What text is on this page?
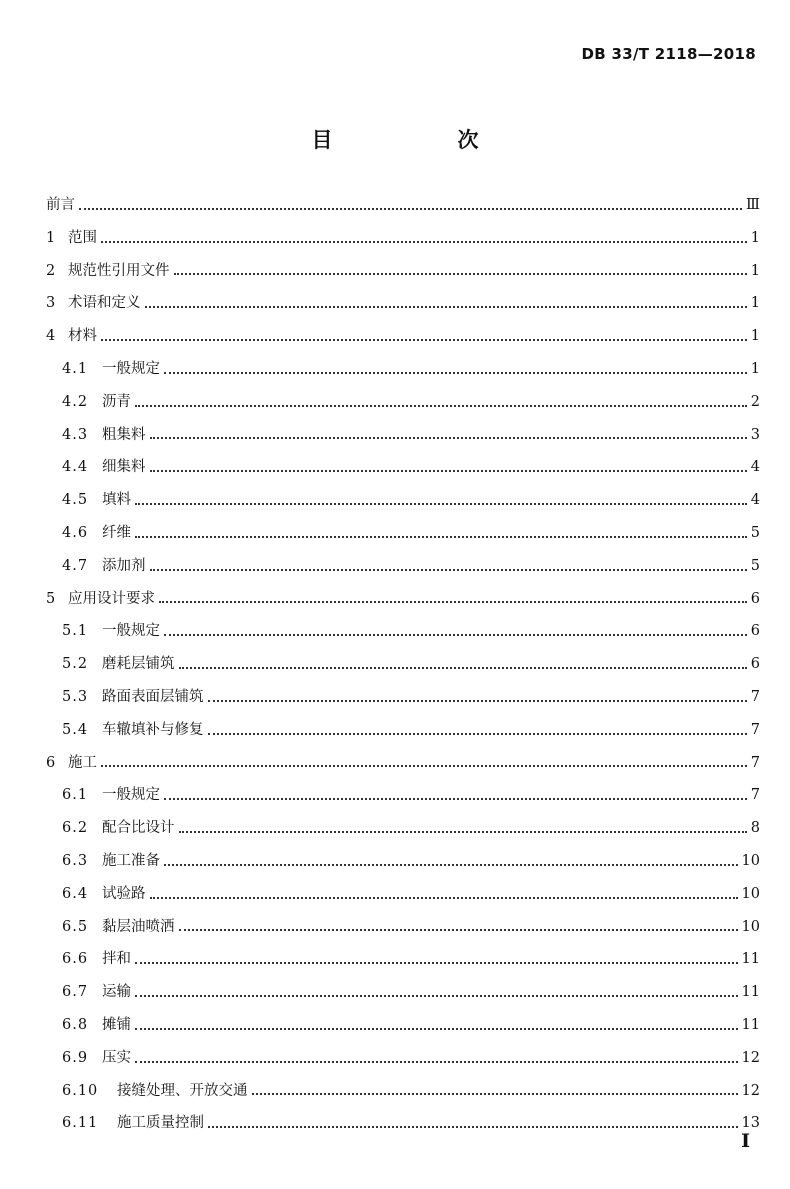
DB 33/T 2118—2018
目　次
前言	Ⅲ
1 范围	1
2 规范性引用文件	1
3 术语和定义	1
4 材料	1
4.1 一般规定	1
4.2 沥青	2
4.3 粗集料	3
4.4 细集料	4
4.5 填料	4
4.6 纤维	5
4.7 添加剂	5
5 应用设计要求	6
5.1 一般规定	6
5.2 磨耗层铺筑	6
5.3 路面表面层铺筑	7
5.4 车辙填补与修复	7
6 施工	7
6.1 一般规定	7
6.2 配合比设计	8
6.3 施工准备	10
6.4 试验路	10
6.5 黏层油喷洒	10
6.6 拌和	11
6.7 运输	11
6.8 摊铺	11
6.9 压实	12
6.10	接缝处理、开放交通	12
6.11	施工质量控制	13
I
